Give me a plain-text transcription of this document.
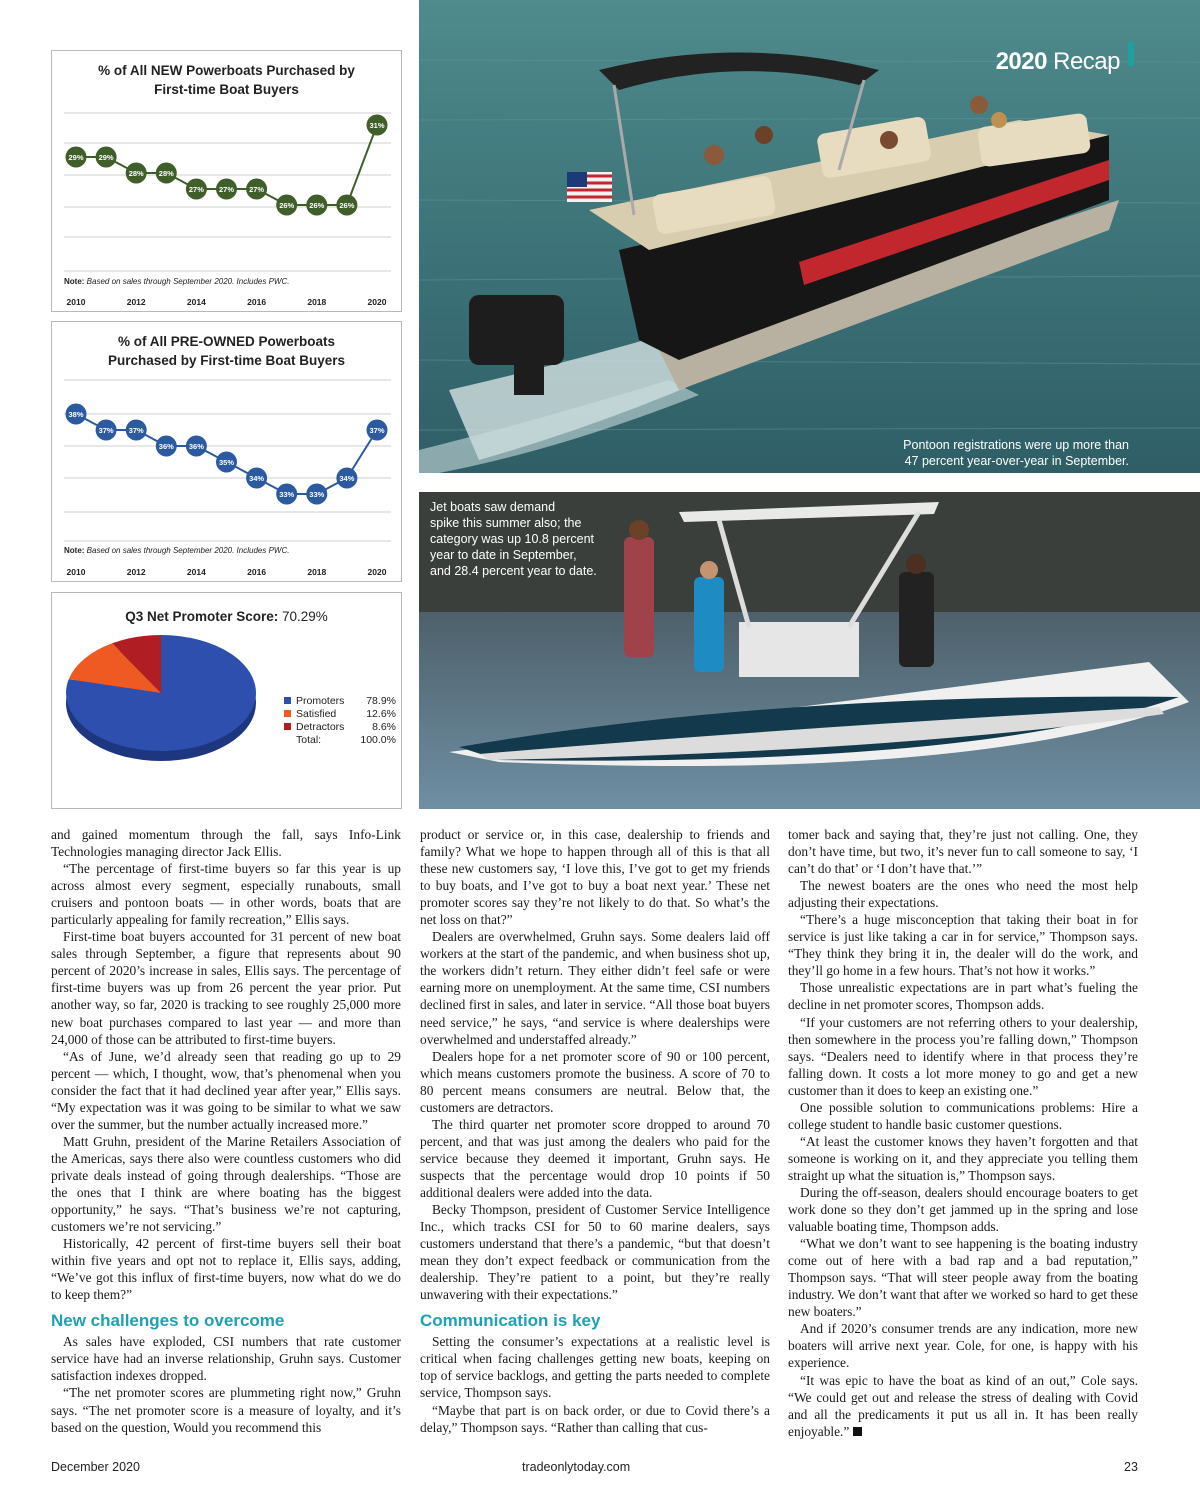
% of All NEW Powerboats Purchased by
First-time Boat Buyers
29% 29%
28% 28%
27% 27% 27%
26% 26% 26%
31%
Note: Based on sales through September 2020. Includes PWC.
2010	2012	2014	2016	2018	2020
% of All PRE-OWNED Powerboats
Purchased by First-time Boat Buyers
38%
37% 37%
36% 36%
35%
34%
33% 33%
34%
37%
Note: Based on sales through September 2020. Includes PWC.
2010	2012	2014	2016	2018	2020
Q3 Net Promoter Score: 70.29%
Promoters	78.9%
Satisfied	12.6%
Detractors	8.6%
Total:	100.0%
2020 Recap
Pontoon registrations were up more than
47 percent year-over-year in September.
Jet boats saw demand
spike this summer also; the
category was up 10.8 percent
year to date in September,
and 28.4 percent year to date.

and gained momentum through the fall, says Info-Link Technologies managing director Jack Ellis.

“The percentage of first-time buyers so far this year is up across almost every segment, especially runabouts, small cruisers and pontoon boats — in other words, boats that are particularly appealing for family recreation,” Ellis says.

First-time boat buyers accounted for 31 percent of new boat sales through September, a figure that represents about 90 percent of 2020’s increase in sales, Ellis says. The percentage of first-time buyers was up from 26 percent the year prior. Put another way, so far, 2020 is tracking to see roughly 25,000 more new boat purchases compared to last year — and more than 24,000 of those can be attributed to first-time buyers.

“As of June, we’d already seen that reading go up to 29 percent — which, I thought, wow, that’s phenomenal when you consider the fact that it had declined year after year,” Ellis says. “My expectation was it was going to be similar to what we saw over the summer, but the number actually increased more.”

Matt Gruhn, president of the Marine Retailers Association of the Americas, says there also were countless customers who did private deals instead of going through dealerships. “Those are the ones that I think are where boating has the biggest opportunity,” he says. “That’s business we’re not capturing, customers we’re not servicing.”

Historically, 42 percent of first-time buyers sell their boat within five years and opt not to replace it, Ellis says, adding, “We’ve got this influx of first-time buyers, now what do we do to keep them?”

New challenges to overcome

As sales have exploded, CSI numbers that rate customer service have had an inverse relationship, Gruhn says. Customer satisfaction indexes dropped.

“The net promoter scores are plummeting right now,” Gruhn says. “The net promoter score is a measure of loyalty, and it’s based on the question, Would you recommend this

product or service or, in this case, dealership to friends and family? What we hope to happen through all of this is that all these new customers say, ‘I love this, I’ve got to get my friends to buy boats, and I’ve got to buy a boat next year.’ These net promoter scores say they’re not likely to do that. So what’s the net loss on that?”

Dealers are overwhelmed, Gruhn says. Some dealers laid off workers at the start of the pandemic, and when business shot up, the workers didn’t return. They either didn’t feel safe or were earning more on unemployment. At the same time, CSI numbers declined first in sales, and later in service. “All those boat buyers need service,” he says, “and service is where dealerships were overwhelmed and understaffed already.”

Dealers hope for a net promoter score of 90 or 100 percent, which means customers promote the business. A score of 70 to 80 percent means consumers are neutral. Below that, the customers are detractors.

The third quarter net promoter score dropped to around 70 percent, and that was just among the dealers who paid for the service because they deemed it important, Gruhn says. He suspects that the percentage would drop 10 points if 50 additional dealers were added into the data.

Becky Thompson, president of Customer Service Intelligence Inc., which tracks CSI for 50 to 60 marine dealers, says customers understand that there’s a pandemic, “but that doesn’t mean they don’t expect feedback or communication from the dealership. They’re patient to a point, but they’re really unwavering with their expectations.”

Communication is key

Setting the consumer’s expectations at a realistic level is critical when facing challenges getting new boats, keeping on top of service backlogs, and getting the parts needed to complete service, Thompson says.

“Maybe that part is on back order, or due to Covid there’s a delay,” Thompson says. “Rather than calling that cus-

tomer back and saying that, they’re just not calling. One, they don’t have time, but two, it’s never fun to call someone to say, ‘I can’t do that’ or ‘I don’t have that.’”

The newest boaters are the ones who need the most help adjusting their expectations.

“There’s a huge misconception that taking their boat in for service is just like taking a car in for service,” Thompson says. “They think they bring it in, the dealer will do the work, and they’ll go home in a few hours. That’s not how it works.”

Those unrealistic expectations are in part what’s fueling the decline in net promoter scores, Thompson adds.

“If your customers are not referring others to your dealership, then somewhere in the process you’re falling down,” Thompson says. “Dealers need to identify where in that process they’re falling down. It costs a lot more money to go and get a new customer than it does to keep an existing one.”

One possible solution to communications problems: Hire a college student to handle basic customer questions.

“At least the customer knows they haven’t forgotten and that someone is working on it, and they appreciate you telling them straight up what the situation is,” Thompson says.

During the off-season, dealers should encourage boaters to get work done so they don’t get jammed up in the spring and lose valuable boating time, Thompson adds.

“What we don’t want to see happening is the boating industry come out of here with a bad rap and a bad reputation,” Thompson says. “That will steer people away from the boating industry. We don’t want that after we worked so hard to get these new boaters.”

And if 2020’s consumer trends are any indication, more new boaters will arrive next year. Cole, for one, is happy with his experience.

“It was epic to have the boat as kind of an out,” Cole says. “We could get out and release the stress of dealing with Covid and all the predicaments it put us all in. It has been really enjoyable.”

December 2020	tradeonlytoday.com	23
